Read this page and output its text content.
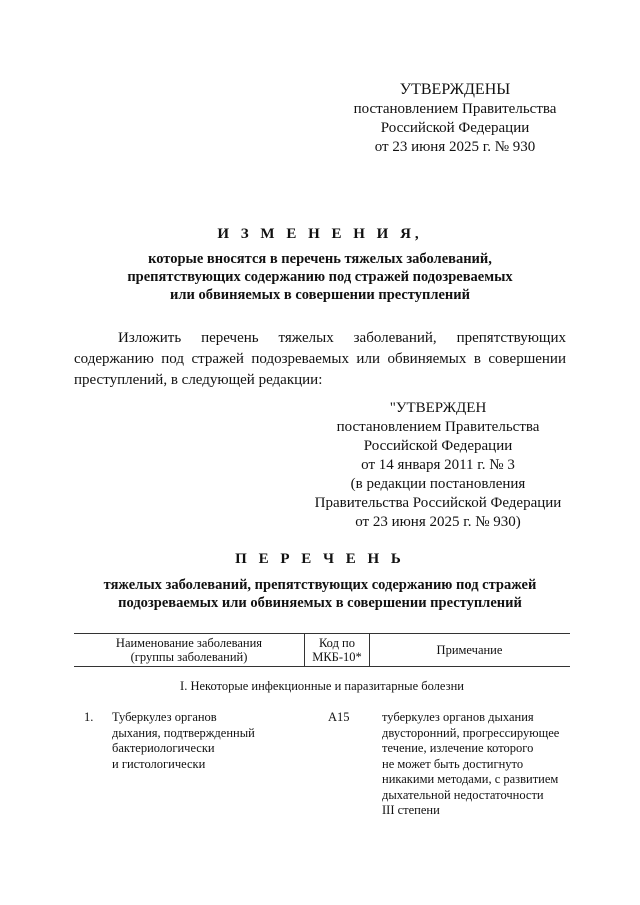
УТВЕРЖДЕНЫ
постановлением Правительства
Российской Федерации
от 23 июня 2025 г. № 930
И З М Е Н Е Н И Я,
которые вносятся в перечень тяжелых заболеваний,
препятствующих содержанию под стражей подозреваемых
или обвиняемых в совершении преступлений
Изложить перечень тяжелых заболеваний, препятствующих
содержанию под стражей подозреваемых или обвиняемых в совершении
преступлений, в следующей редакции:
"УТВЕРЖДЕН
постановлением Правительства
Российской Федерации
от 14 января 2011 г. № 3
(в редакции постановления
Правительства Российской Федерации
от 23 июня 2025 г. № 930)
П Е Р Е Ч Е Н Ь
тяжелых заболеваний, препятствующих содержанию под стражей
подозреваемых или обвиняемых в совершении преступлений
Наименование заболевания
(группы заболеваний)
Код по
МКБ-10*	Примечание
I. Некоторые инфекционные и паразитарные болезни
1. Туберкулез органов
дыхания, подтвержденный
бактериологически
и гистологически
A15	туберкулез органов дыхания
двусторонний, прогрессирующее
течение, излечение которого
не может быть достигнуто
никакими методами, с развитием
дыхательной недостаточности
III степени
